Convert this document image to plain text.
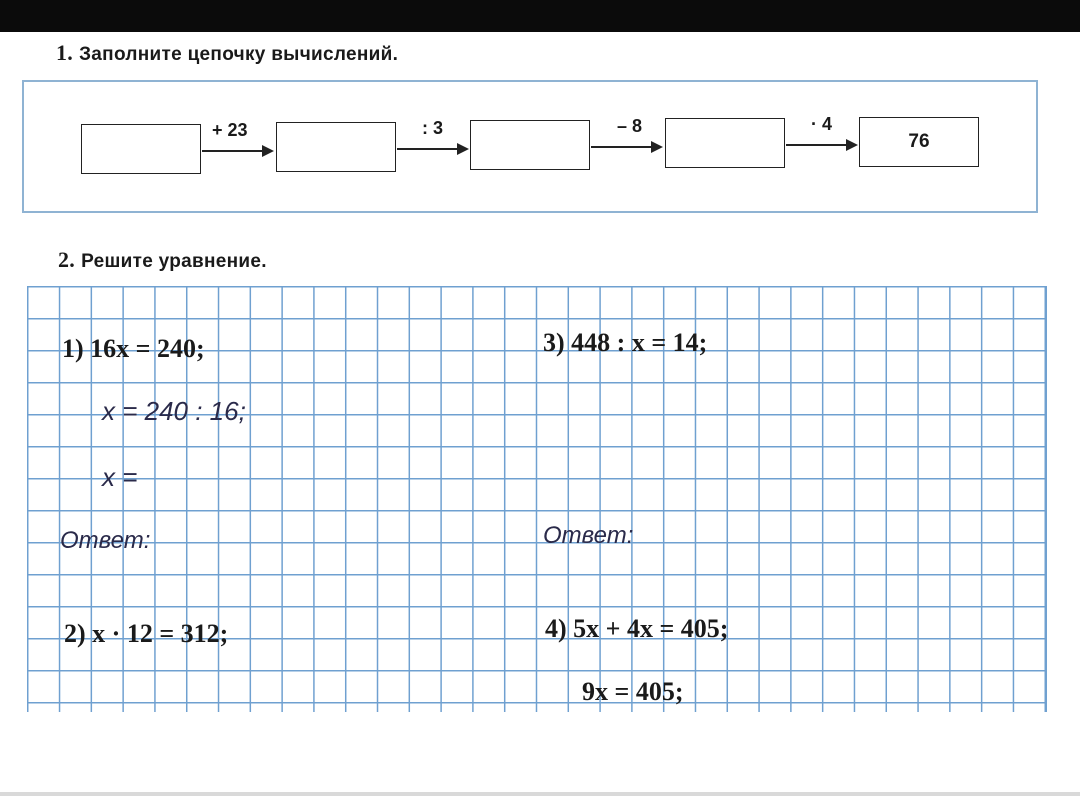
1. Заполните цепочку вычислений.
76
+ 23	: 3	– 8	· 4
2. Решите уравнение.
1) 16x = 240;
x = 240 : 16;
x =
Ответ:
2) x · 12 = 312;
3) 448 : x = 14;
Ответ:
4) 5x + 4x = 405;
9x = 405;
